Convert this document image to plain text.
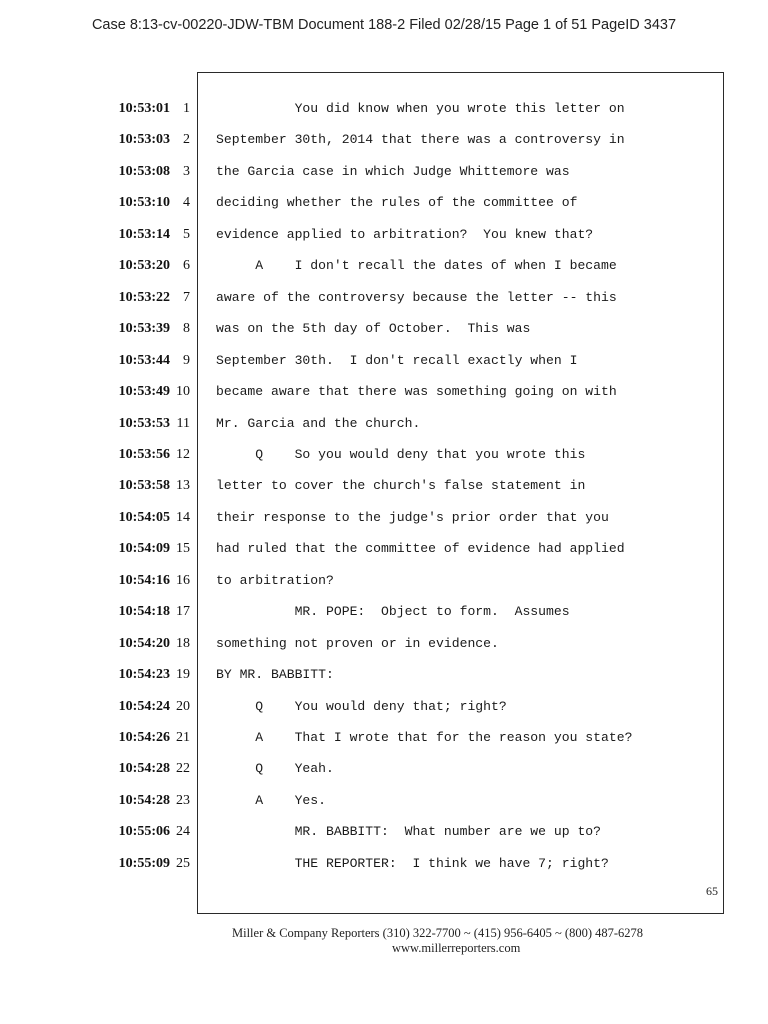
Case 8:13-cv-00220-JDW-TBM Document 188-2 Filed 02/28/15 Page 1 of 51 PageID 3437
10:53:01 1 You did know when you wrote this letter on
10:53:03 2 September 30th, 2014 that there was a controversy in
10:53:08 3 the Garcia case in which Judge Whittemore was
10:53:10 4 deciding whether the rules of the committee of
10:53:14 5 evidence applied to arbitration?  You knew that?
10:53:20 6 A    I don't recall the dates of when I became
10:53:22 7 aware of the controversy because the letter -- this
10:53:39 8 was on the 5th day of October.  This was
10:53:44 9 September 30th.  I don't recall exactly when I
10:53:49 10 became aware that there was something going on with
10:53:53 11 Mr. Garcia and the church.
10:53:56 12 Q    So you would deny that you wrote this
10:53:58 13 letter to cover the church's false statement in
10:54:05 14 their response to the judge's prior order that you
10:54:09 15 had ruled that the committee of evidence had applied
10:54:16 16 to arbitration?
10:54:18 17 MR. POPE:  Object to form.  Assumes
10:54:20 18 something not proven or in evidence.
10:54:23 19 BY MR. BABBITT:
10:54:24 20 Q    You would deny that; right?
10:54:26 21 A    That I wrote that for the reason you state?
10:54:28 22 Q    Yeah.
10:54:28 23 A    Yes.
10:55:06 24 MR. BABBITT:  What number are we up to?
10:55:09 25 THE REPORTER:  I think we have 7; right?
65
Miller & Company Reporters (310) 322-7700 ~ (415) 956-6405 ~ (800) 487-6278
www.millerreporters.com
